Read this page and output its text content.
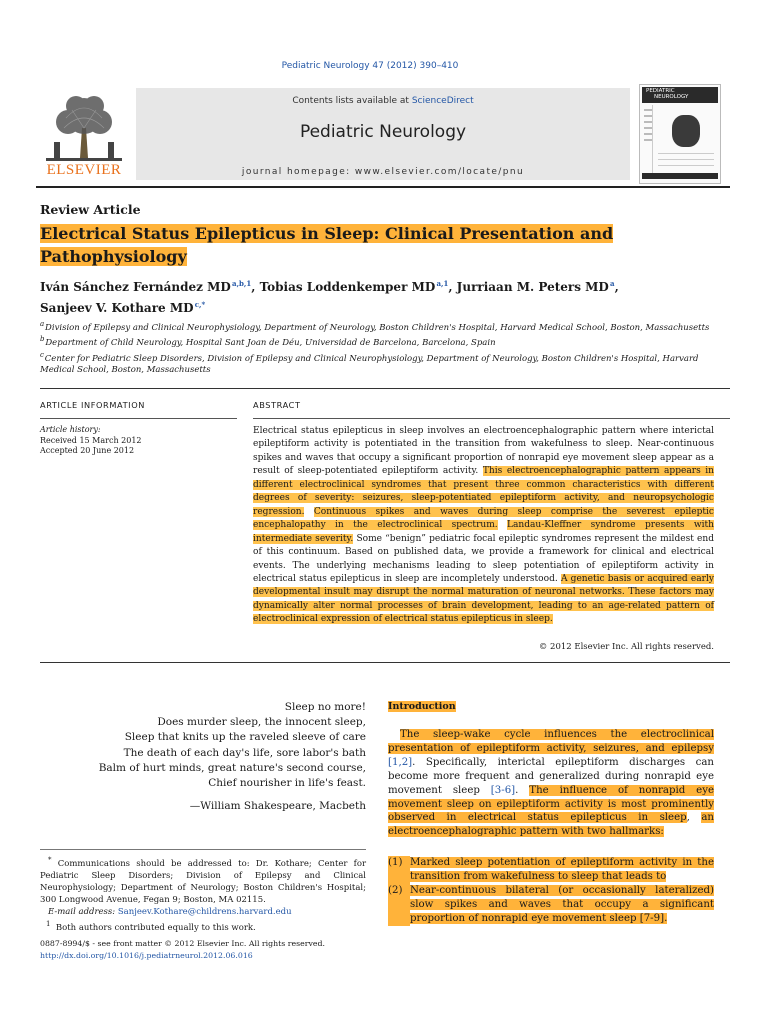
Pediatric Neurology 47 (2012) 390–410
ELSEVIER
Contents lists available at ScienceDirect
Pediatric Neurology
journal homepage: www.elsevier.com/locate/pnu
PEDIATRIC
NEUROLOGY
Review Article
Electrical Status Epilepticus in Sleep: Clinical Presentation and
Pathophysiology
Iván Sánchez Fernández MD $^{a,b,1}$, Tobias Loddenkemper MD $^{a,1}$, Jurriaan M. Peters MD $^a$,
Sanjeev V. Kothare MD $^{c,*}$
$^a$ Division of Epilepsy and Clinical Neurophysiology, Department of Neurology, Boston Children's Hospital, Harvard Medical School, Boston, Massachusetts
$^b$ Department of Child Neurology, Hospital Sant Joan de Déu, Universidad de Barcelona, Barcelona, Spain
$^c$ Center for Pediatric Sleep Disorders, Division of Epilepsy and Clinical Neurophysiology, Department of Neurology, Boston Children's Hospital, Harvard Medical School, Boston, Massachusetts
ARTICLE INFORMATION	ABSTRACT
Article history:
Received 15 March 2012
Accepted 20 June 2012
Electrical status epilepticus in sleep involves an electroencephalographic pattern where interictal epileptiform activity is potentiated in the transition from wakefulness to sleep. Near-continuous spikes and waves that occupy a significant proportion of nonrapid eye movement sleep appear as a result of sleep-potentiated epileptiform activity. This electroencephalographic pattern appears in different electroclinical syndromes that present three common characteristics with different degrees of severity: seizures, sleep-potentiated epileptiform activity, and neuropsychologic regression. Continuous spikes and waves during sleep comprise the severest epileptic encephalopathy in the electroclinical spectrum. Landau-Kleffner syndrome presents with intermediate severity. Some “benign” pediatric focal epileptic syndromes represent the mildest end of this continuum. Based on published data, we provide a framework for clinical and electrical events. The underlying mechanisms leading to sleep potentiation of epileptiform activity in electrical status epilepticus in sleep are incompletely understood. A genetic basis or acquired early developmental insult may disrupt the normal maturation of neuronal networks. These factors may dynamically alter normal processes of brain development, leading to an age-related pattern of electroclinical expression of electrical status epilepticus in sleep.
© 2012 Elsevier Inc. All rights reserved.
Sleep no more!
Does murder sleep, the innocent sleep,
Sleep that knits up the raveled sleeve of care
The death of each day's life, sore labor's bath
Balm of hurt minds, great nature's second course,
Chief nourisher in life's feast.
—William Shakespeare, Macbeth
* Communications should be addressed to: Dr. Kothare; Center for Pediatric Sleep Disorders; Division of Epilepsy and Clinical Neurophysiology; Department of Neurology; Boston Children's Hospital; 300 Longwood Avenue, Fegan 9; Boston, MA 02115.
E-mail address: Sanjeev.Kothare@childrens.harvard.edu
$^1$ Both authors contributed equally to this work.
0887-8994/$ - see front matter © 2012 Elsevier Inc. All rights reserved.
http://dx.doi.org/10.1016/j.pediatrneurol.2012.06.016
Introduction
The sleep-wake cycle influences the electroclinical presentation of epileptiform activity, seizures, and epilepsy [1,2]. Specifically, interictal epileptiform discharges can become more frequent and generalized during nonrapid eye movement sleep [3-6]. The influence of nonrapid eye movement sleep on epileptiform activity is most prominently observed in electrical status epilepticus in sleep, an electroencephalographic pattern with two hallmarks:
(1) Marked sleep potentiation of epileptiform activity in the transition from wakefulness to sleep that leads to
(2) Near-continuous bilateral (or occasionally lateralized) slow spikes and waves that occupy a significant proportion of nonrapid eye movement sleep [7-9].
